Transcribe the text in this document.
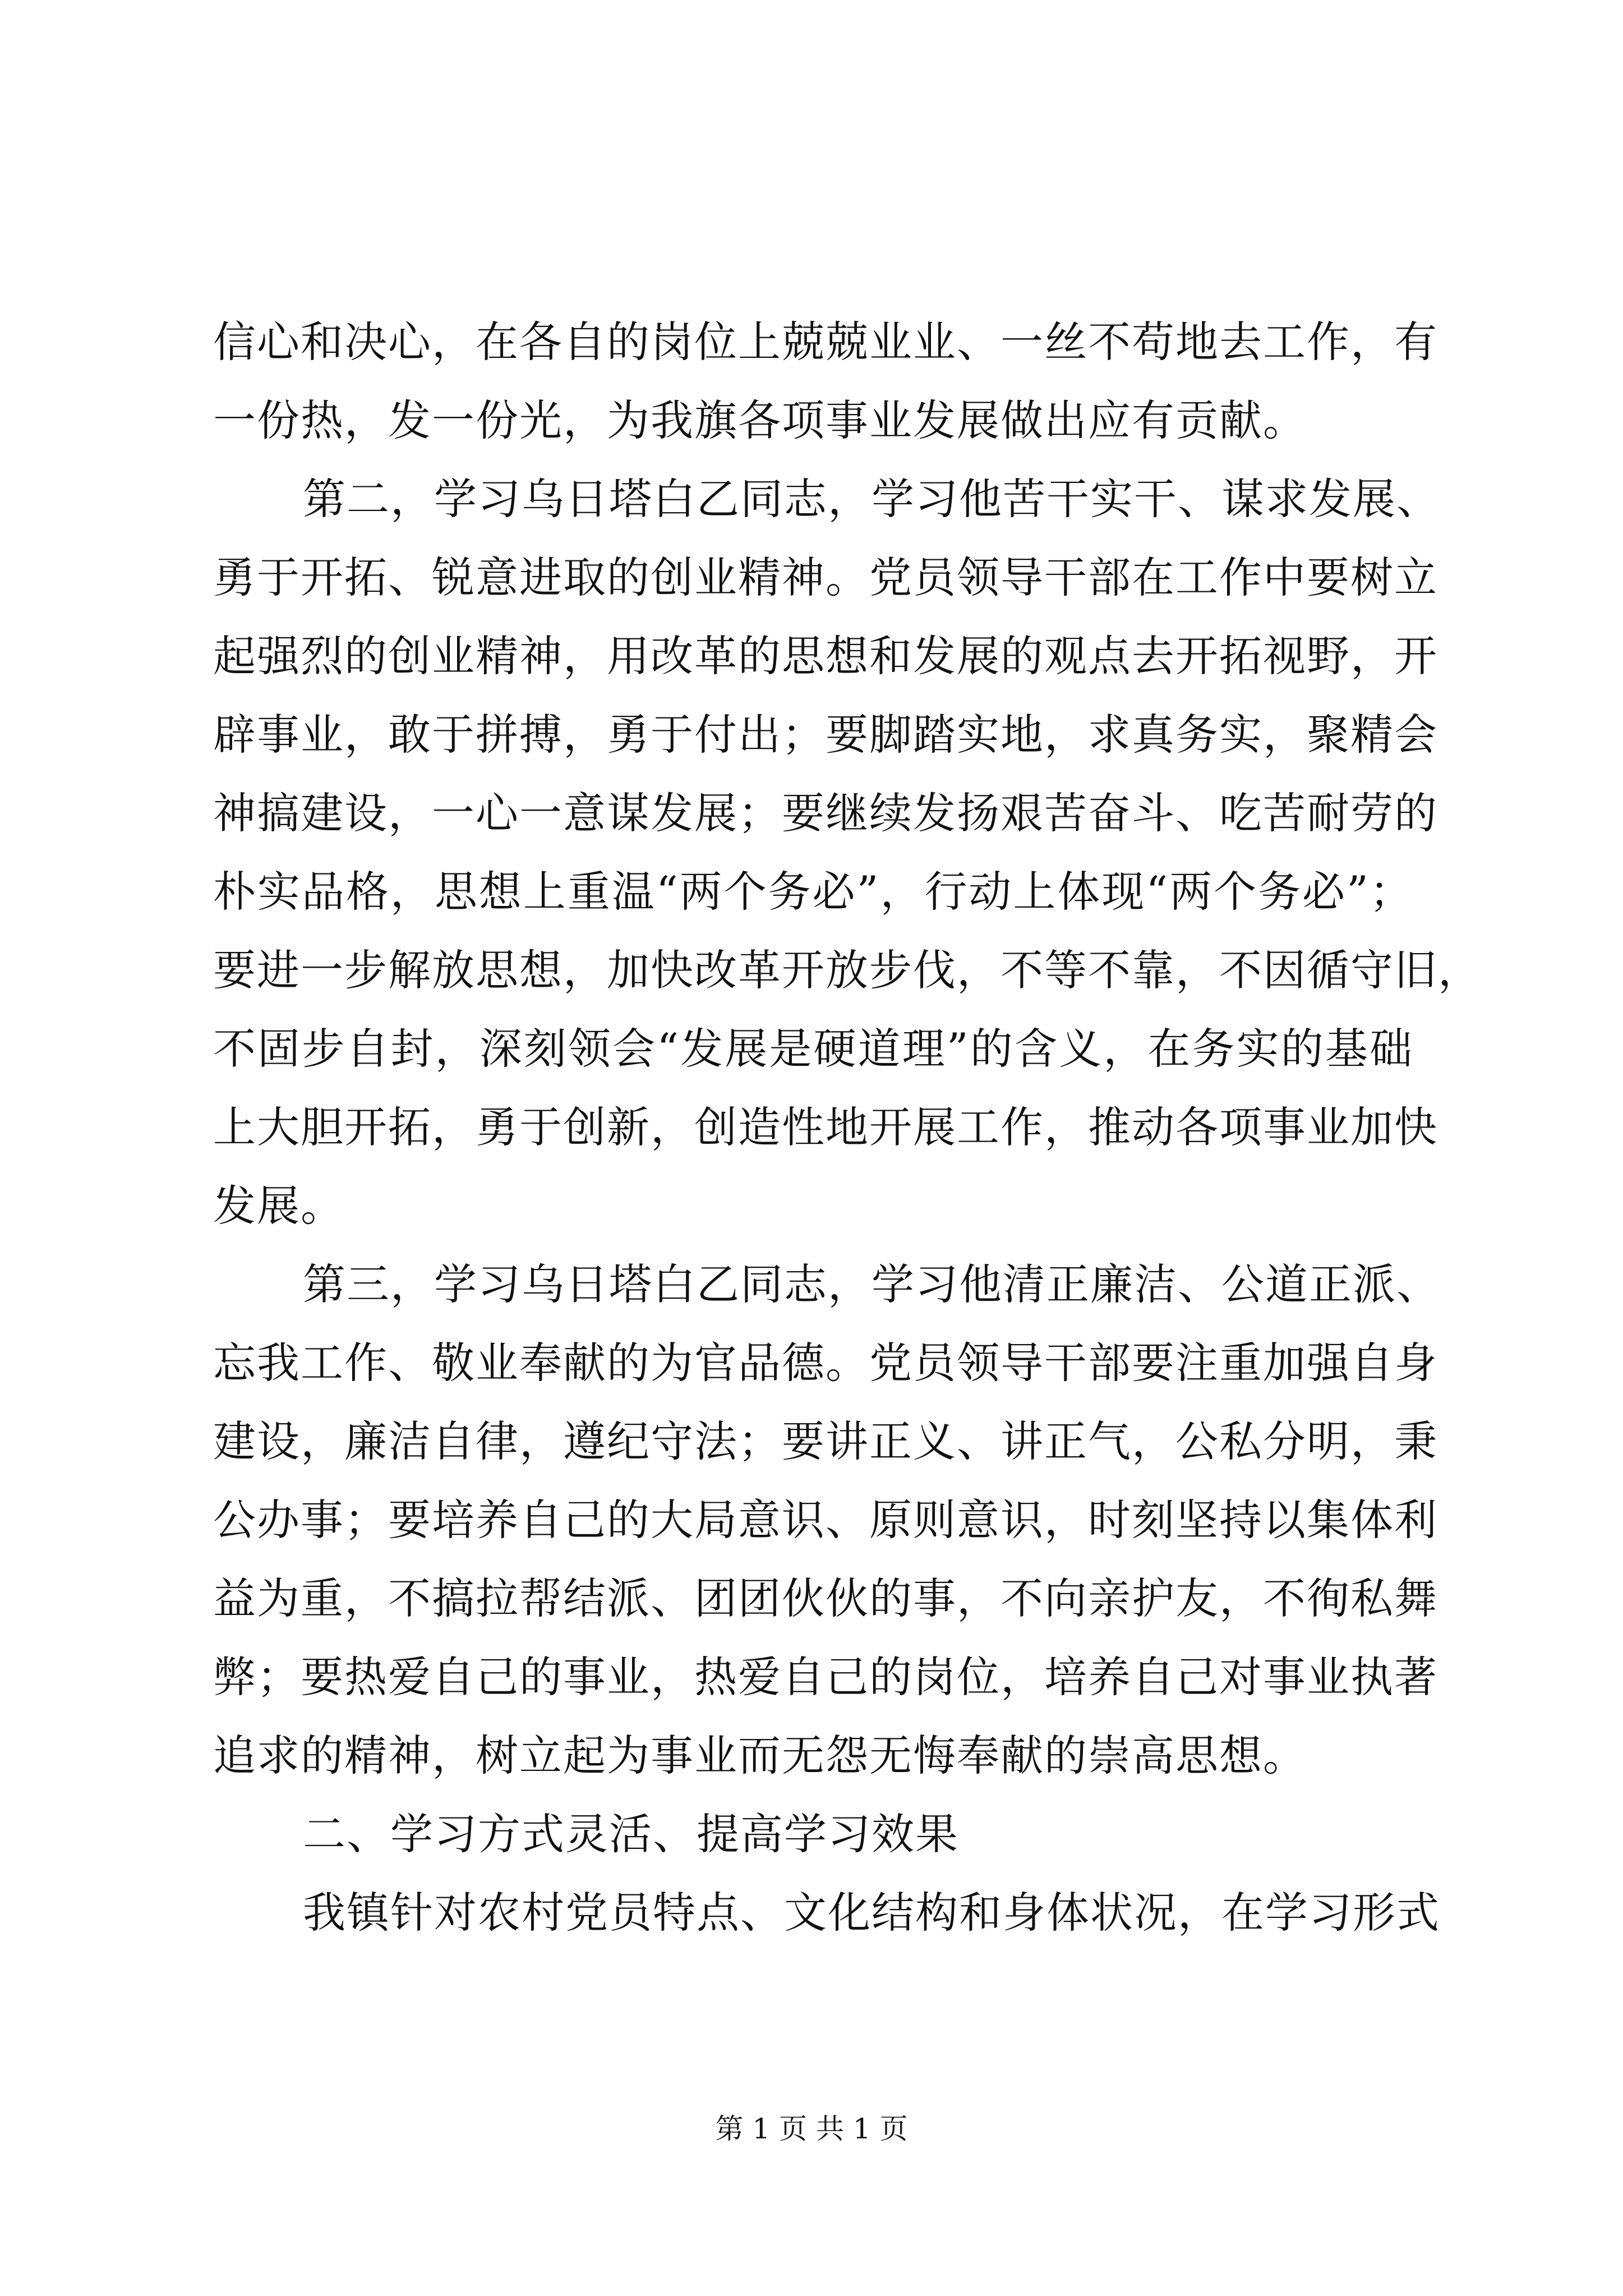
信心和决心，在各自的岗位上兢兢业业、一丝不苟地去工作，有
一份热，发一份光，为我旗各项事业发展做出应有贡献。
第二，学习乌日塔白乙同志，学习他苦干实干、谋求发展、
勇于开拓、锐意进取的创业精神。党员领导干部在工作中要树立
起强烈的创业精神，用改革的思想和发展的观点去开拓视野，开
辟事业，敢于拼搏，勇于付出；要脚踏实地，求真务实，聚精会
神搞建设，一心一意谋发展；要继续发扬艰苦奋斗、吃苦耐劳的
朴实品格，思想上重温“两个务必”，行动上体现“两个务必”；
要进一步解放思想，加快改革开放步伐，不等不靠，不因循守旧，
不固步自封，深刻领会“发展是硬道理”的含义，在务实的基础
上大胆开拓，勇于创新，创造性地开展工作，推动各项事业加快
发展。
第三，学习乌日塔白乙同志，学习他清正廉洁、公道正派、
忘我工作、敬业奉献的为官品德。党员领导干部要注重加强自身
建设，廉洁自律，遵纪守法；要讲正义、讲正气，公私分明，秉
公办事；要培养自己的大局意识、原则意识，时刻坚持以集体利
益为重，不搞拉帮结派、团团伙伙的事，不向亲护友，不徇私舞
弊；要热爱自己的事业，热爱自己的岗位，培养自己对事业执著
追求的精神，树立起为事业而无怨无悔奉献的崇高思想。
二、学习方式灵活、提高学习效果
我镇针对农村党员特点、文化结构和身体状况，在学习形式
第 1 页 共 1 页
